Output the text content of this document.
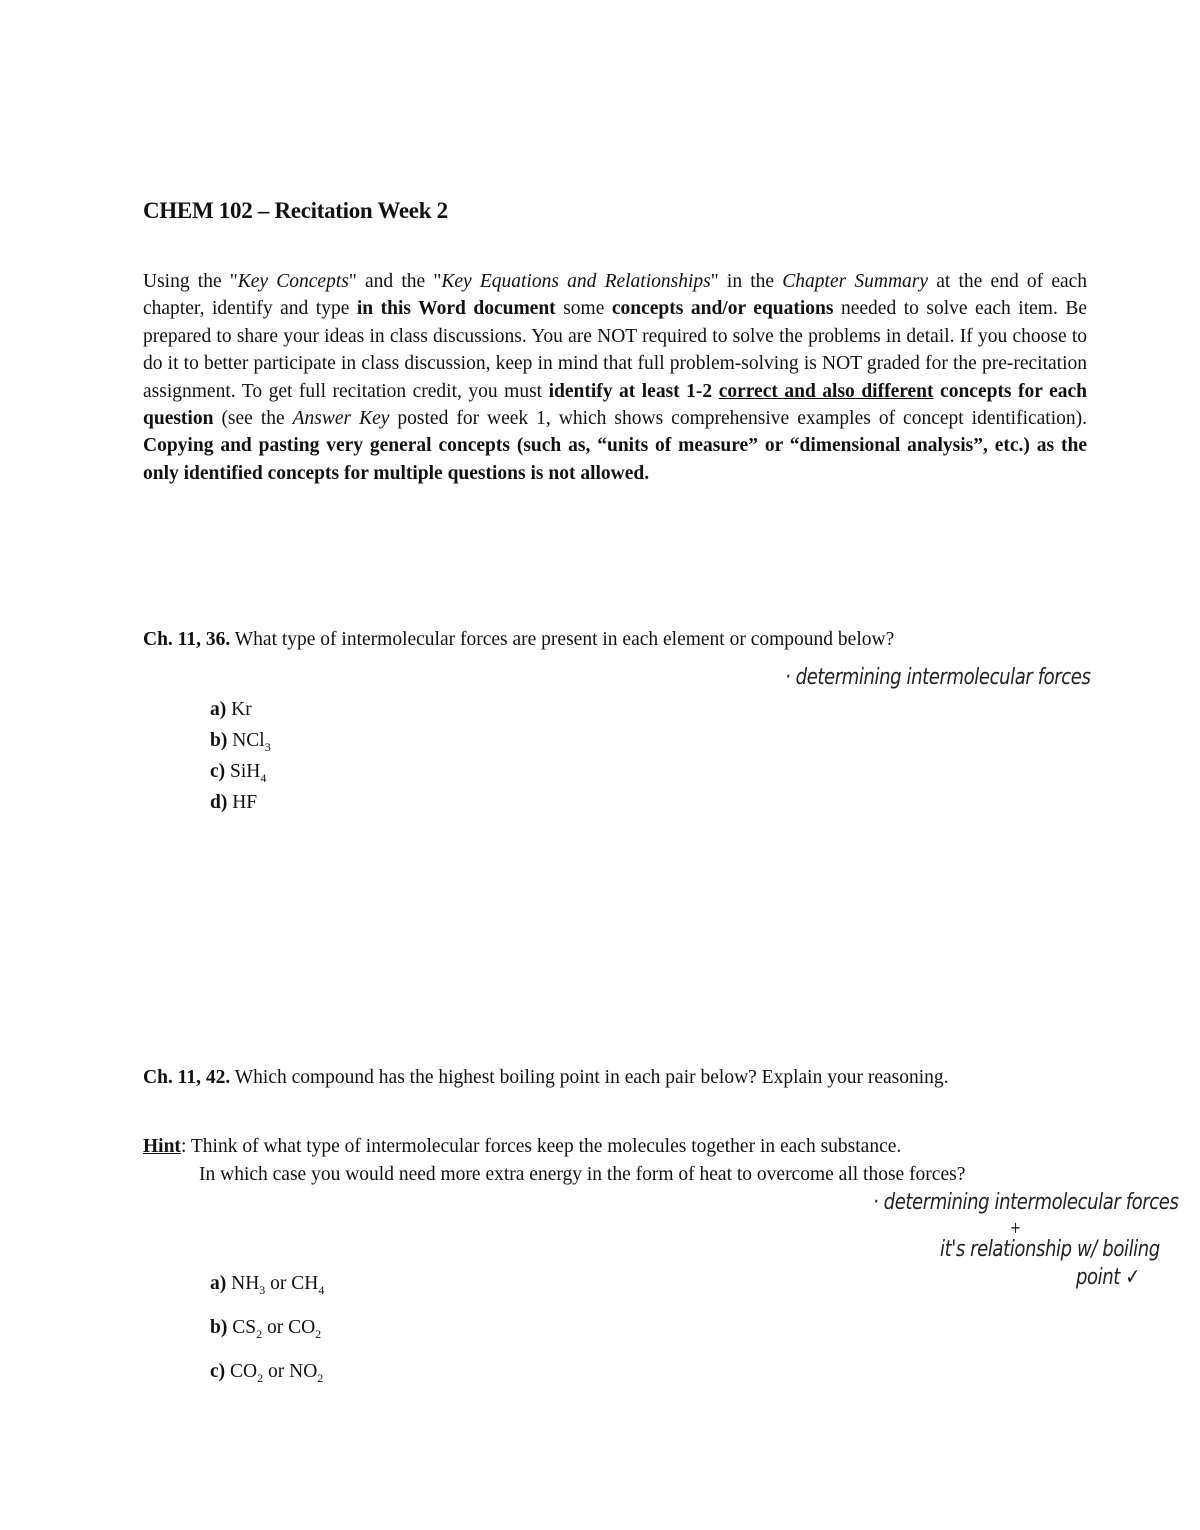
CHEM 102 – Recitation Week 2
Using the "Key Concepts" and the "Key Equations and Relationships" in the Chapter Summary at the end of each chapter, identify and type in this Word document some concepts and/or equations needed to solve each item. Be prepared to share your ideas in class discussions. You are NOT required to solve the problems in detail. If you choose to do it to better participate in class discussion, keep in mind that full problem-solving is NOT graded for the pre-recitation assignment. To get full recitation credit, you must identify at least 1-2 correct and also different concepts for each question (see the Answer Key posted for week 1, which shows comprehensive examples of concept identification). Copying and pasting very general concepts (such as, “units of measure” or “dimensional analysis”, etc.) as the only identified concepts for multiple questions is not allowed.
Ch. 11, 36. What type of intermolecular forces are present in each element or compound below?
· determining intermolecular forces
a) Kr
b) NCl$_3$
c) SiH$_4$
d) HF
Ch. 11, 42. Which compound has the highest boiling point in each pair below? Explain your reasoning.
Hint: Think of what type of intermolecular forces keep the molecules together in each substance.
In which case you would need more extra energy in the form of heat to overcome all those forces?
· determining intermolecular forces
+
it's relationship w/ boiling
point ✓
a) $NH_3$ or $CH_4$
b) $CS_2$ or $CO_2$
c) $CO_2$ or $NO_2$
